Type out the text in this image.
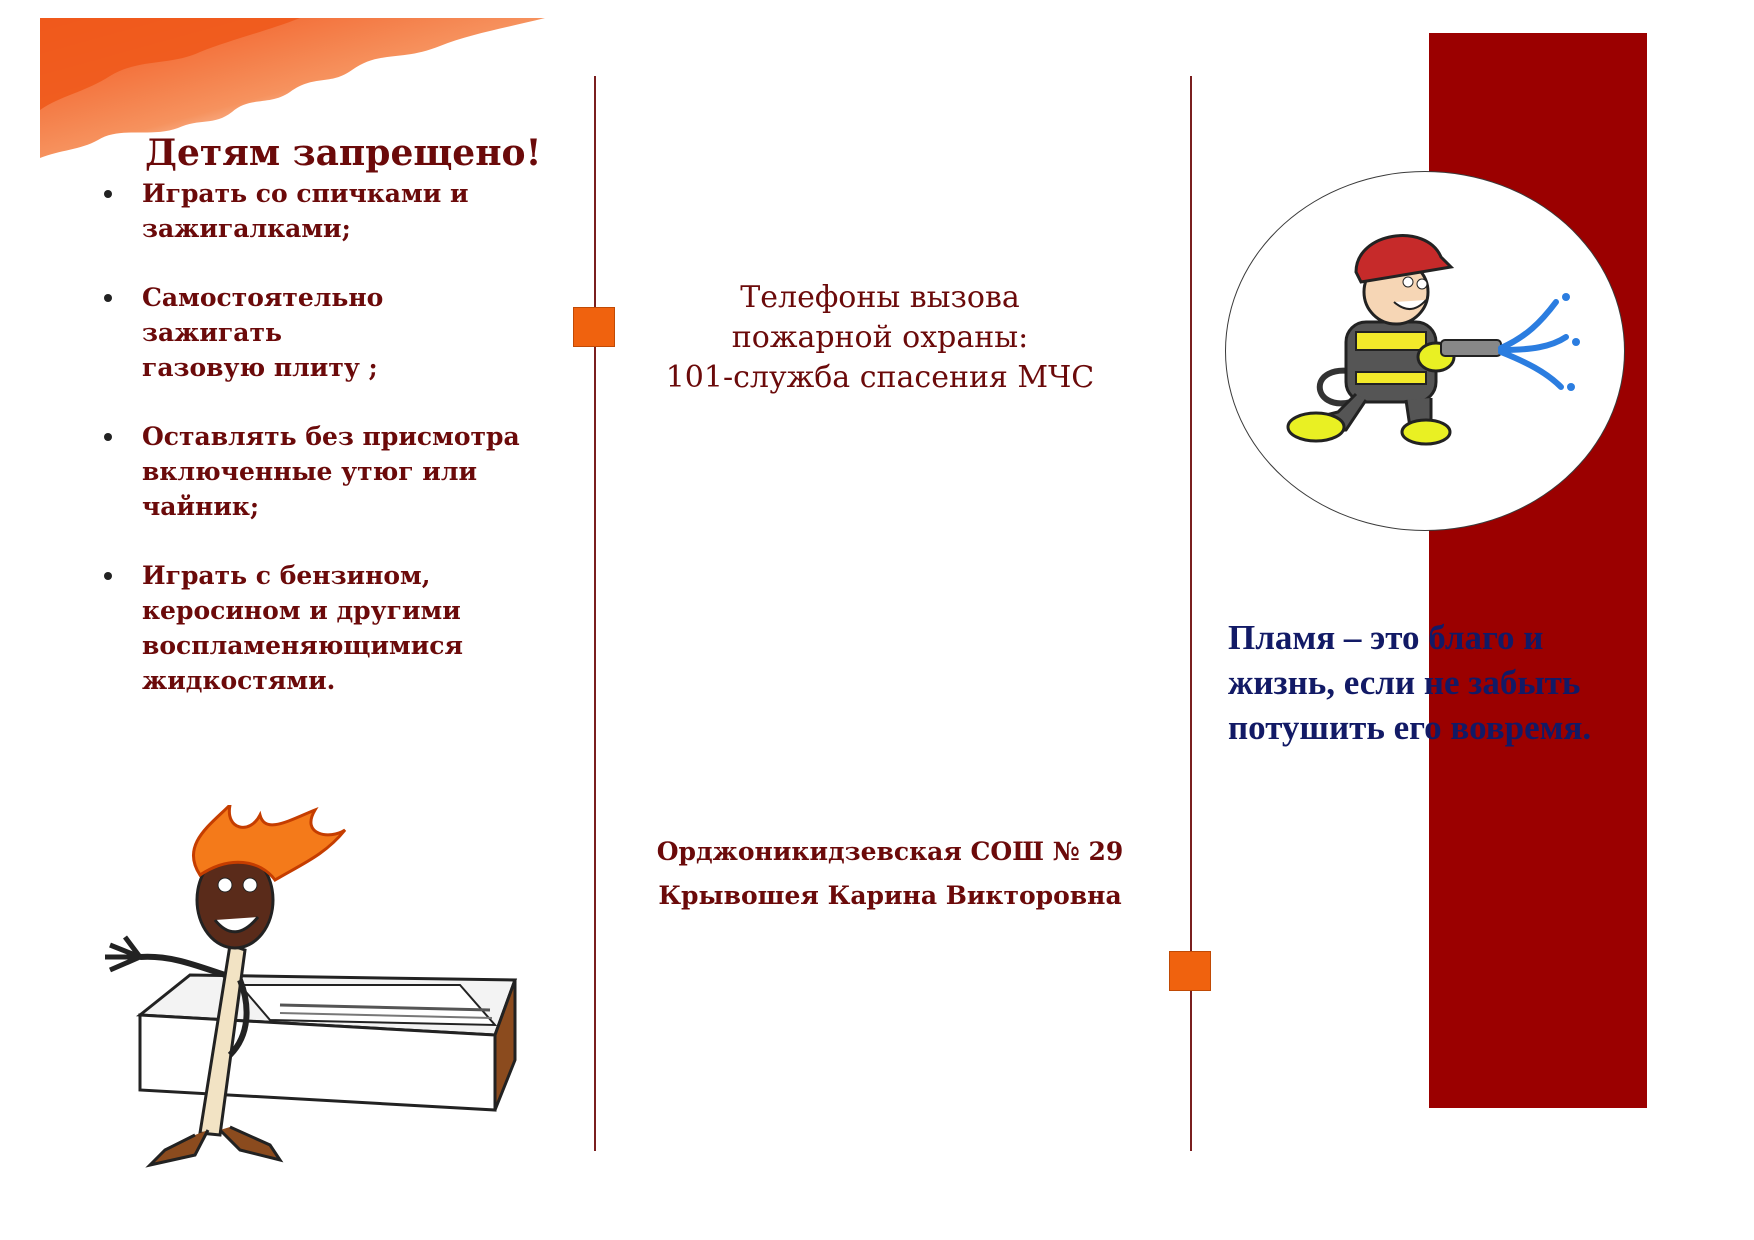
Детям запрещено!
Играть со спичками и
зажигалками;
Самостоятельно зажигать
газовую плиту ;
Оставлять без присмотра
включенные утюг или
чайник;
Играть с бензином,
керосином и другими
воспламеняющимися
жидкостями.
Телефоны вызова
пожарной охраны:
101-служба спасения МЧС
Орджоникидзевская СОШ № 29
Крывошея Карина Викторовна
Пламя – это благо и
жизнь, если не забыть
потушить его вовремя.
